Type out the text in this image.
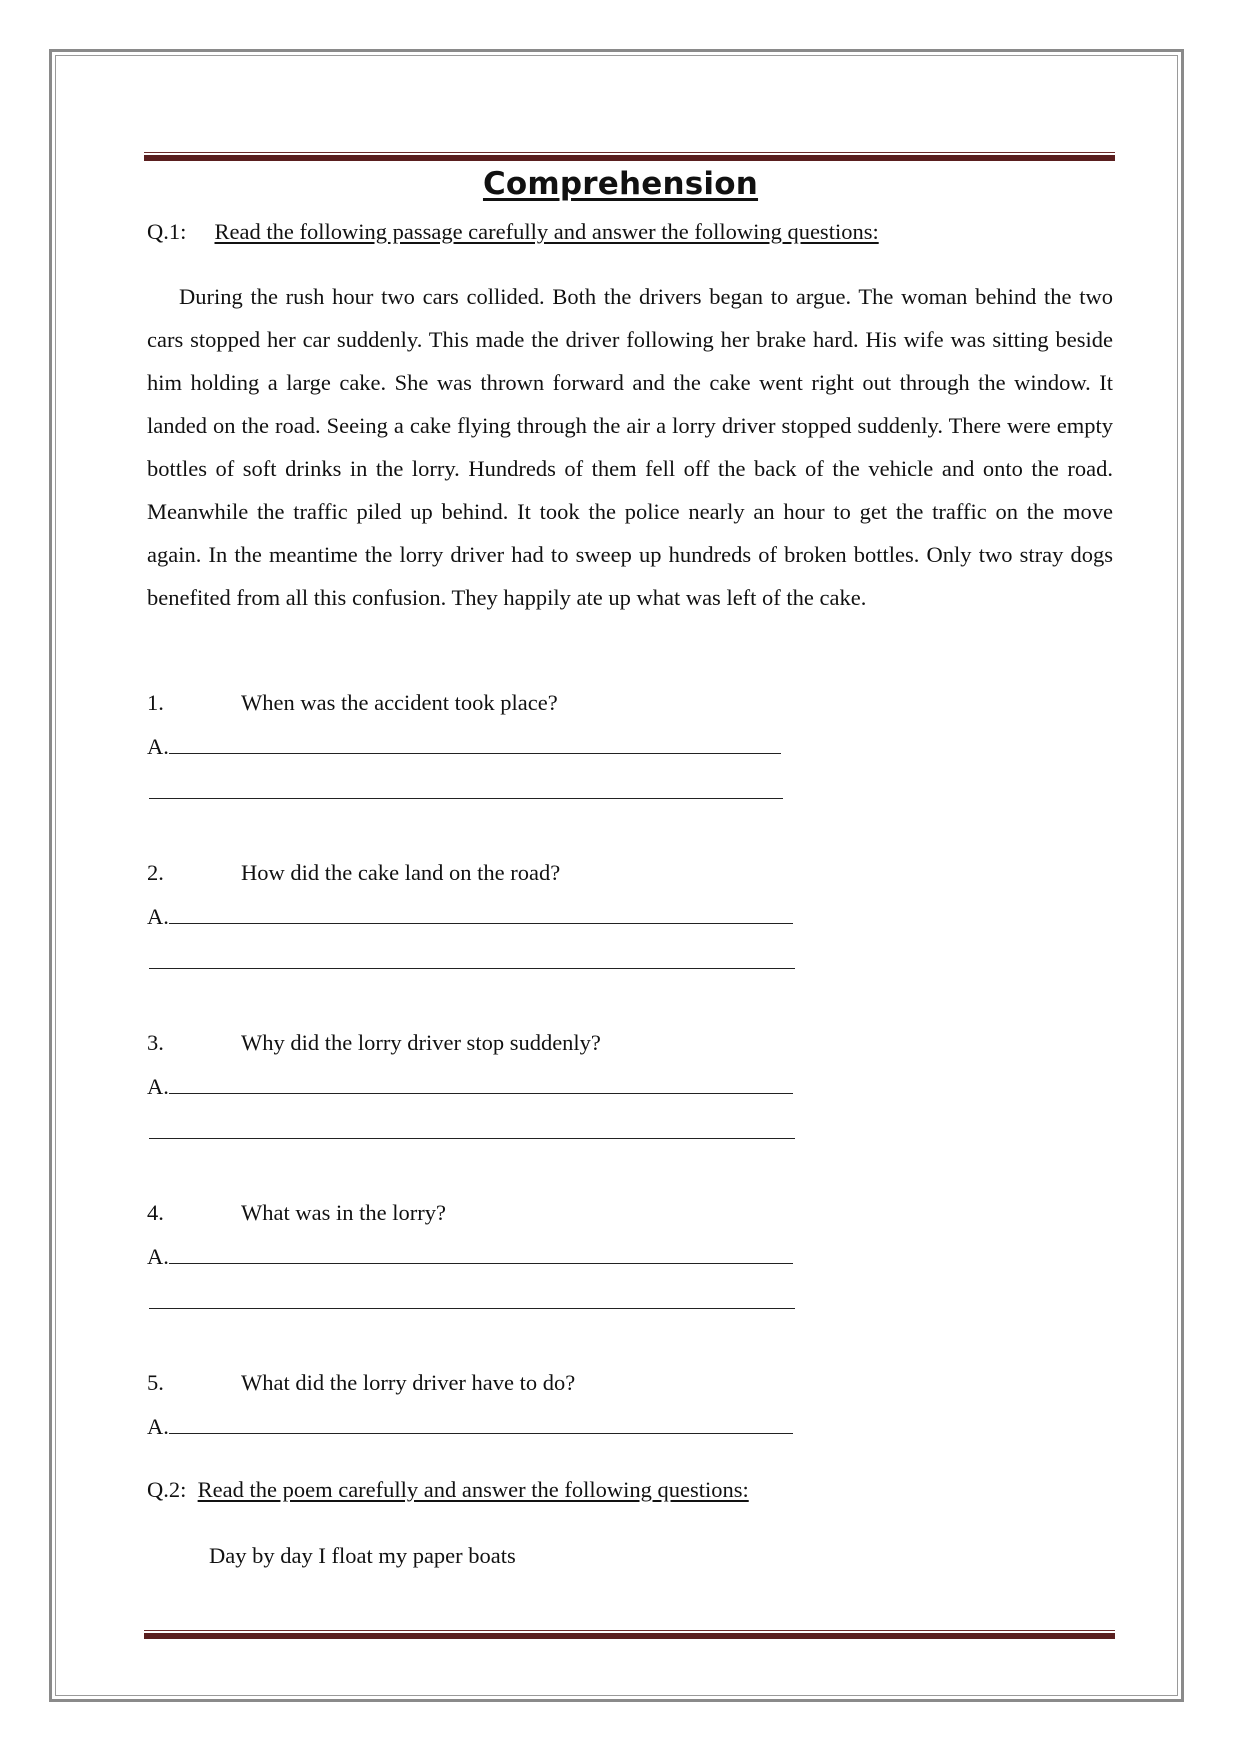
Comprehension
Q.1: Read the following passage carefully and answer the following questions:

During the rush hour two cars collided. Both the drivers began to argue. The woman behind the two cars stopped her car suddenly. This made the driver following her brake hard. His wife was sitting beside him holding a large cake. She was thrown forward and the cake went right out through the window. It landed on the road. Seeing a cake flying through the air a lorry driver stopped suddenly. There were empty bottles of soft drinks in the lorry. Hundreds of them fell off the back of the vehicle and onto the road. Meanwhile the traffic piled up behind. It took the police nearly an hour to get the traffic on the move again. In the meantime the lorry driver had to sweep up hundreds of broken bottles. Only two stray dogs benefited from all this confusion. They happily ate up what was left of the cake.

1.	When was the accident took place?
A.
2.	How did the cake land on the road?
A.
3.	Why did the lorry driver stop suddenly?
A.
4.	What was in the lorry?
A.
5.	What did the lorry driver have to do?
A.
Q.2: Read the poem carefully and answer the following questions:
Day by day I float my paper boats
